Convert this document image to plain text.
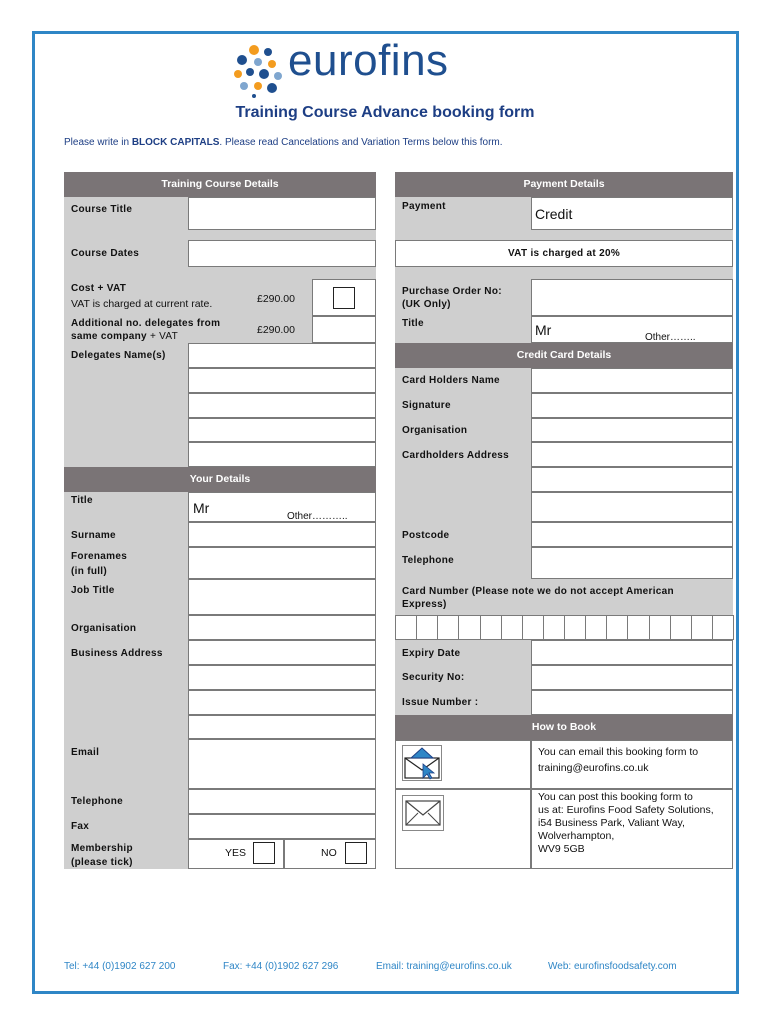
eurofins
Training Course Advance booking form
Please write in BLOCK CAPITALS. Please read Cancelations and Variation Terms below this form.
Training Course Details
Course Title
Course Dates
Cost + VAT
VAT is charged at current rate.	£290.00
Additional no. delegates from
same company + VAT
£290.00
Delegates Name(s)
Your Details
Title	Mr
Other………..
Surname
Forenames
(in full)
Job Title
Organisation
Business Address
Email
Telephone
Fax
Membership
(please tick)
YES	NO
Payment Details
Payment	Credit
VAT is charged at 20%
Purchase Order No:
(UK Only)
Title	Mr	Other……..
Credit Card Details
Card Holders Name
Signature
Organisation
Cardholders Address
Postcode
Telephone
Card Number (Please note we do not accept American
Express)
Expiry Date
Security No:
Issue Number :
How to Book
You can email this booking form to
training@eurofins.co.uk
You can post this booking form to
us at: Eurofins Food Safety Solutions,
i54 Business Park, Valiant Way,
Wolverhampton,
WV9 5GB
Tel: +44 (0)1902 627 200	Fax: +44 (0)1902 627 296	Email: training@eurofins.co.uk	Web: eurofinsfoodsafety.com
